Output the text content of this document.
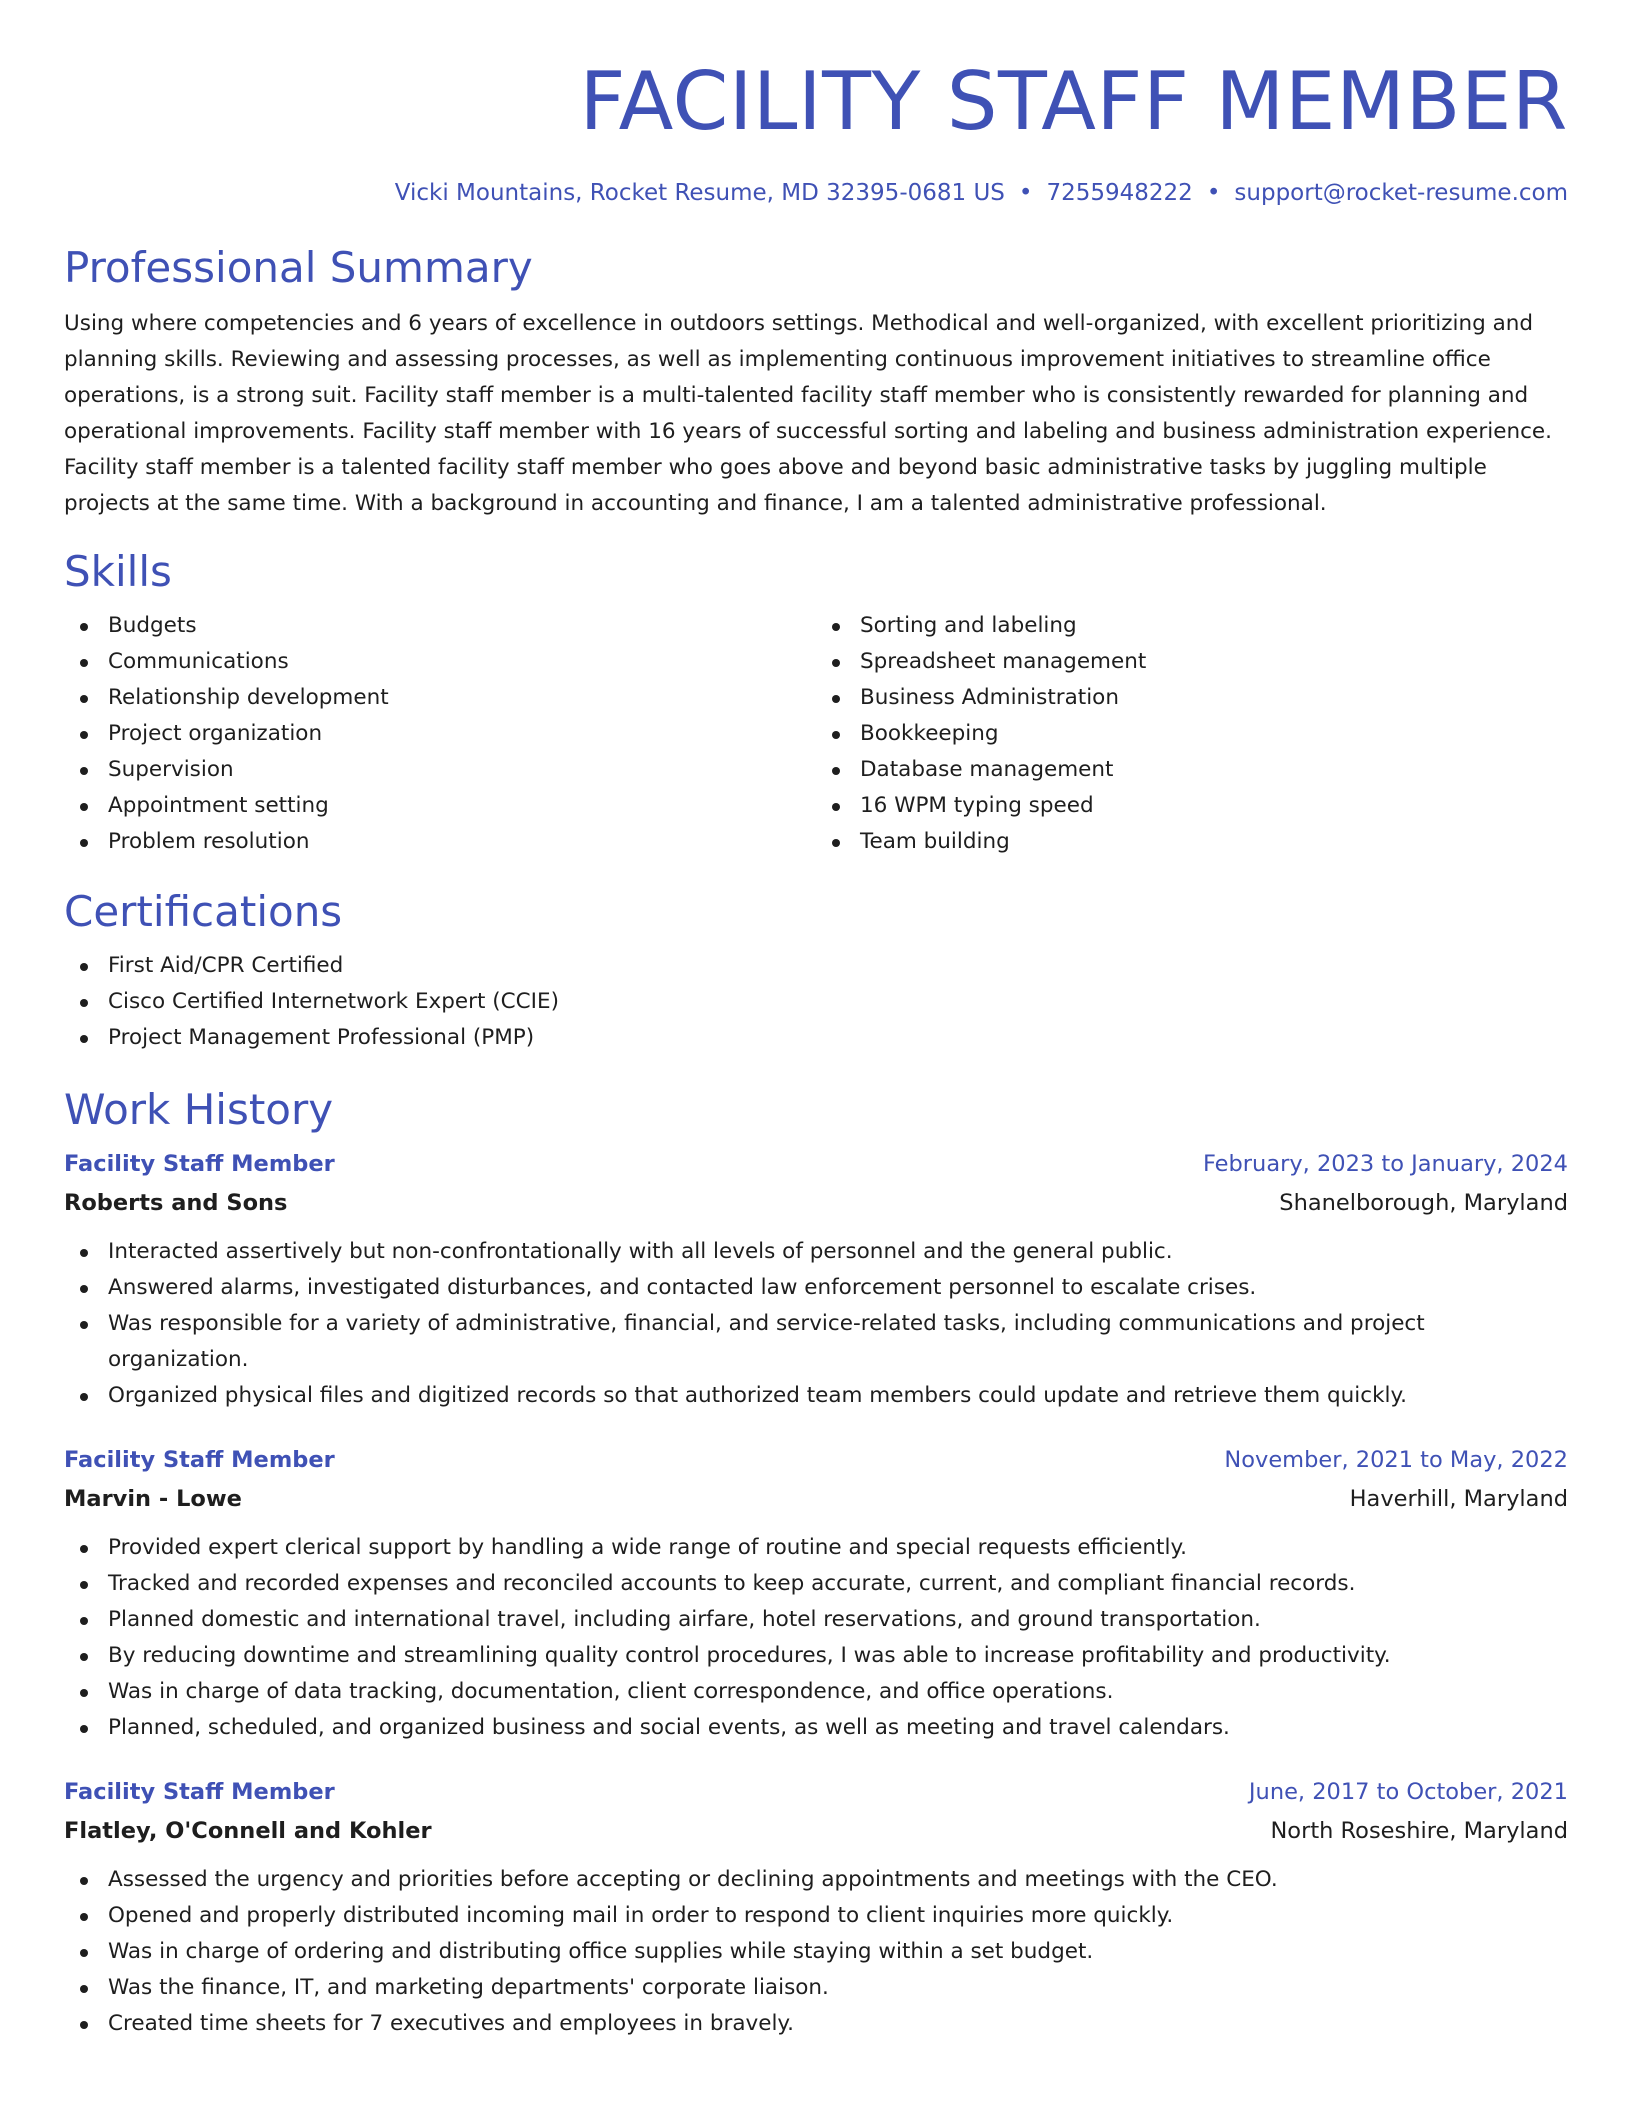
FACILITY STAFF MEMBER
Vicki Mountains, Rocket Resume, MD 32395-0681 US • 7255948222 • support@rocket-resume.com
Professional Summary

Using where competencies and 6 years of excellence in outdoors settings. Methodical and well-organized, with excellent prioritizing and planning skills. Reviewing and assessing processes, as well as implementing continuous improvement initiatives to streamline office operations, is a strong suit. Facility staff member is a multi-talented facility staff member who is consistently rewarded for planning and operational improvements. Facility staff member with 16 years of successful sorting and labeling and business administration experience. Facility staff member is a talented facility staff member who goes above and beyond basic administrative tasks by juggling multiple projects at the same time. With a background in accounting and finance, I am a talented administrative professional.

Skills
Budgets
Communications
Relationship development
Project organization
Supervision
Appointment setting
Problem resolution
Sorting and labeling
Spreadsheet management
Business Administration
Bookkeeping
Database management
16 WPM typing speed
Team building
Certifications
First Aid/CPR Certified
Cisco Certified Internetwork Expert (CCIE)
Project Management Professional (PMP)
Work History
Facility Staff Member	February, 2023 to January, 2024
Roberts and Sons	Shanelborough, Maryland
Interacted assertively but non-confrontationally with all levels of personnel and the general public.
Answered alarms, investigated disturbances, and contacted law enforcement personnel to escalate crises.
Was responsible for a variety of administrative, financial, and service-related tasks, including communications and project organization.
Organized physical files and digitized records so that authorized team members could update and retrieve them quickly.
Facility Staff Member	November, 2021 to May, 2022
Marvin - Lowe	Haverhill, Maryland
Provided expert clerical support by handling a wide range of routine and special requests efficiently.
Tracked and recorded expenses and reconciled accounts to keep accurate, current, and compliant financial records.
Planned domestic and international travel, including airfare, hotel reservations, and ground transportation.
By reducing downtime and streamlining quality control procedures, I was able to increase profitability and productivity.
Was in charge of data tracking, documentation, client correspondence, and office operations.
Planned, scheduled, and organized business and social events, as well as meeting and travel calendars.
Facility Staff Member	June, 2017 to October, 2021
Flatley, O'Connell and Kohler	North Roseshire, Maryland
Assessed the urgency and priorities before accepting or declining appointments and meetings with the CEO.
Opened and properly distributed incoming mail in order to respond to client inquiries more quickly.
Was in charge of ordering and distributing office supplies while staying within a set budget.
Was the finance, IT, and marketing departments' corporate liaison.
Created time sheets for 7 executives and employees in bravely.
